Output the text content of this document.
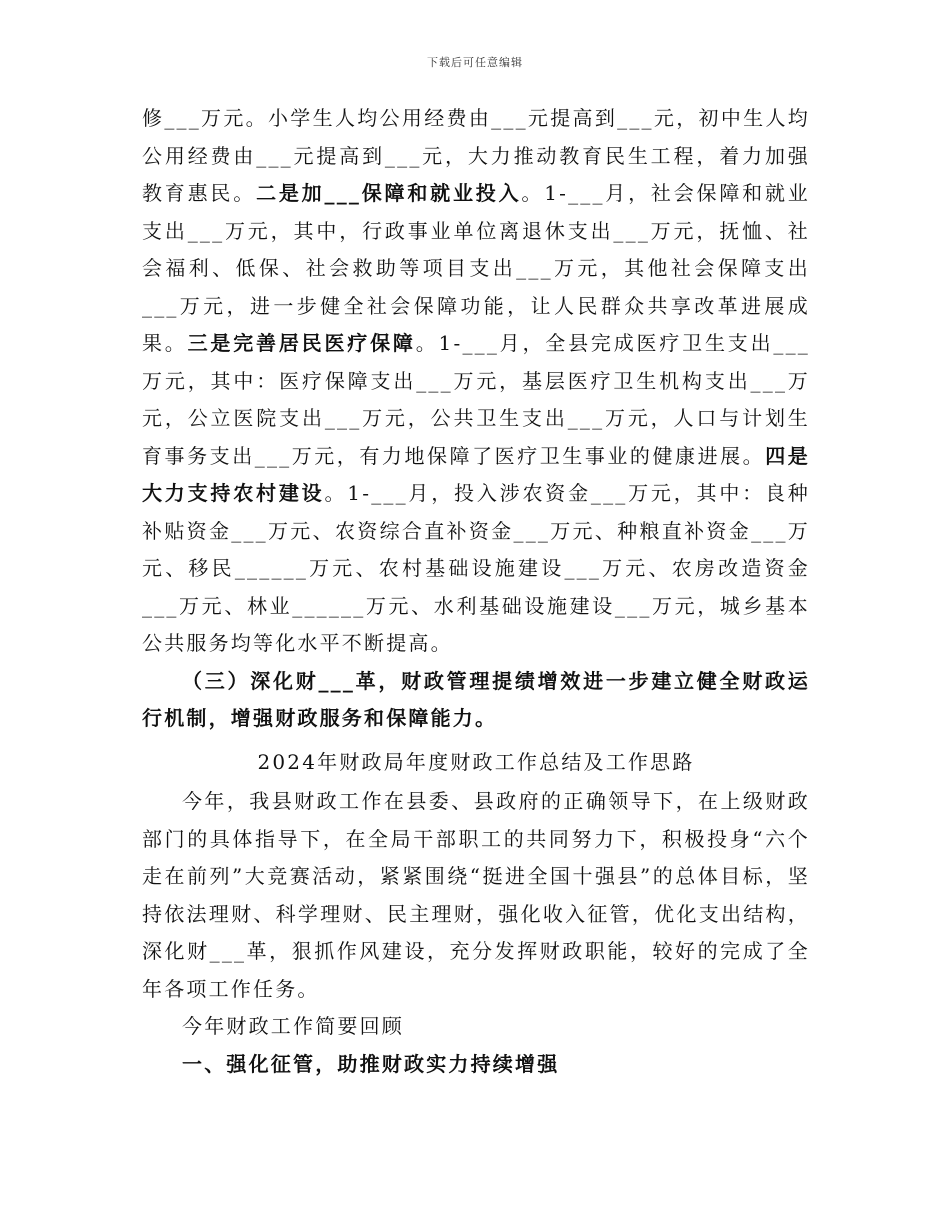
下载后可任意编辑

修___万元。小学生人均公用经费由___元提高到___元，初中生人均公用经费由___元提高到___元，大力推动教育民生工程，着力加强教育惠民。二是加___保障和就业投入。1-___月，社会保障和就业支出___万元，其中，行政事业单位离退休支出___万元，抚恤、社会福利、低保、社会救助等项目支出___万元，其他社会保障支出___万元，进一步健全社会保障功能，让人民群众共享改革进展成果。三是完善居民医疗保障。1-___月，全县完成医疗卫生支出___万元，其中：医疗保障支出___万元，基层医疗卫生机构支出___万元，公立医院支出___万元，公共卫生支出___万元，人口与计划生育事务支出___万元，有力地保障了医疗卫生事业的健康进展。四是大力支持农村建设。1-___月，投入涉农资金___万元，其中：良种补贴资金___万元、农资综合直补资金___万元、种粮直补资金___万元、移民______万元、农村基础设施建设___万元、农房改造资金___万元、林业______万元、水利基础设施建设___万元，城乡基本公共服务均等化水平不断提高。

（三）深化财___革，财政管理提绩增效进一步建立健全财政运行机制，增强财政服务和保障能力。

2024年财政局年度财政工作总结及工作思路

今年，我县财政工作在县委、县政府的正确领导下，在上级财政部门的具体指导下，在全局干部职工的共同努力下，积极投身“六个走在前列”大竞赛活动，紧紧围绕“挺进全国十强县”的总体目标，坚持依法理财、科学理财、民主理财，强化收入征管，优化支出结构，深化财___革，狠抓作风建设，充分发挥财政职能，较好的完成了全年各项工作任务。

今年财政工作简要回顾

一、强化征管，助推财政实力持续增强
